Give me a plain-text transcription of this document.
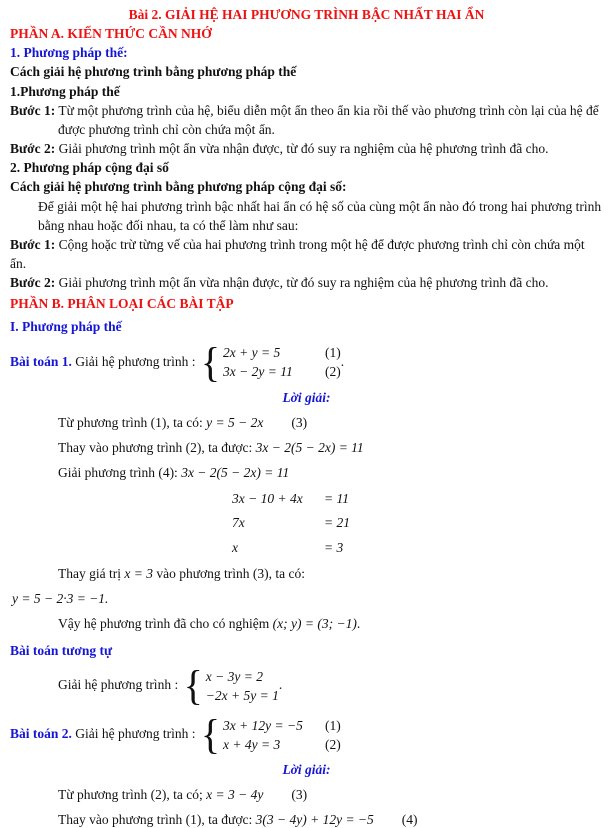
Bài 2. GIẢI HỆ HAI PHƯƠNG TRÌNH BẬC NHẤT HAI ẨN
PHẦN A. KIẾN THỨC CẦN NHỚ
1. Phương pháp thế:
Cách giải hệ phương trình bằng phương pháp thế
1.Phương pháp thế

Bước 1: Từ một phương trình của hệ, biểu diễn một ẩn theo ẩn kia rồi thế vào phương trình còn lại của hệ để được phương trình chỉ còn chứa một ẩn.

Bước 2: Giải phương trình một ẩn vừa nhận được, từ đó suy ra nghiệm của hệ phương trình đã cho.

2. Phương pháp cộng đại số
Cách giải hệ phương trình bằng phương pháp cộng đại số:

Để giải một hệ hai phương trình bậc nhất hai ẩn có hệ số của cùng một ẩn nào đó trong hai phương trình bằng nhau hoặc đối nhau, ta có thể làm như sau:

Bước 1: Cộng hoặc trừ từng vế của hai phương trình trong một hệ để được phương trình chỉ còn chứa một ẩn.

Bước 2: Giải phương trình một ẩn vừa nhận được, từ đó suy ra nghiệm của hệ phương trình đã cho.

PHẦN B. PHÂN LOẠI CÁC BÀI TẬP
I. Phương pháp thế
Bài toán 1. Giải hệ phương trình : { 2x + y = 5	(1)
3x − 2y = 11	(2)
.
Lời giải:
Từ phương trình (1), ta có: y = 5 − 2x (3)
Thay vào phương trình (2), ta được: 3x − 2(5 − 2x) = 11
Giải phương trình (4): 3x − 2(5 − 2x) = 11
3x − 10 + 4x	= 11
7x	= 21
x	= 3
Thay giá trị x = 3 vào phương trình (3), ta có:
y = 5 − 2·3 = −1.
Vậy hệ phương trình đã cho có nghiệm (x; y) = (3; −1).
Bài toán tương tự
Giải hệ phương trình : { x − 3y = 2
−2x + 5y = 1
.
Bài toán 2. Giải hệ phương trình : { 3x + 12y = −5	(1)
x + 4y = 3	(2)
Lời giải:
Từ phương trình (2), ta có; x = 3 − 4y (3)
Thay vào phương trình (1), ta được: 3(3 − 4y) + 12y = −5 (4)
